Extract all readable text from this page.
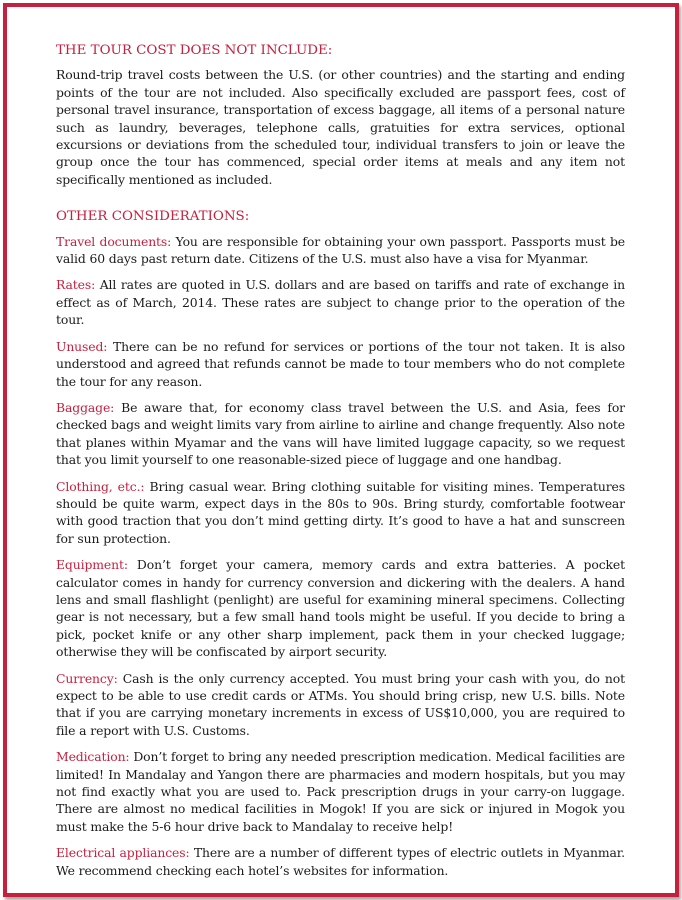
THE TOUR COST DOES NOT INCLUDE:

Round-trip travel costs between the U.S. (or other countries) and the starting and ending points of the tour are not included. Also specifically excluded are passport fees, cost of personal travel insurance, transportation of excess baggage, all items of a personal nature such as laundry, beverages, telephone calls, gratuities for extra services, optional excursions or deviations from the scheduled tour, individual transfers to join or leave the group once the tour has commenced, special order items at meals and any item not specifically mentioned as included.

OTHER CONSIDERATIONS:

Travel documents: You are responsible for obtaining your own passport. Passports must be valid 60 days past return date. Citizens of the U.S. must also have a visa for Myanmar.

Rates: All rates are quoted in U.S. dollars and are based on tariffs and rate of exchange in effect as of March, 2014. These rates are subject to change prior to the operation of the tour.

Unused: There can be no refund for services or portions of the tour not taken. It is also understood and agreed that refunds cannot be made to tour members who do not complete the tour for any reason.

Baggage: Be aware that, for economy class travel between the U.S. and Asia, fees for checked bags and weight limits vary from airline to airline and change frequently. Also note that planes within Myamar and the vans will have limited luggage capacity, so we request that you limit yourself to one reasonable-sized piece of luggage and one handbag.

Clothing, etc.: Bring casual wear. Bring clothing suitable for visiting mines. Temperatures should be quite warm, expect days in the 80s to 90s. Bring sturdy, comfortable footwear with good traction that you don’t mind getting dirty. It’s good to have a hat and sunscreen for sun protection.

Equipment: Don’t forget your camera, memory cards and extra batteries. A pocket calculator comes in handy for currency conversion and dickering with the dealers. A hand lens and small flashlight (penlight) are useful for examining mineral specimens. Collecting gear is not necessary, but a few small hand tools might be useful. If you decide to bring a pick, pocket knife or any other sharp implement, pack them in your checked luggage; otherwise they will be confiscated by airport security.

Currency: Cash is the only currency accepted. You must bring your cash with you, do not expect to be able to use credit cards or ATMs. You should bring crisp, new U.S. bills. Note that if you are carrying monetary increments in excess of US$10,000, you are required to file a report with U.S. Customs.

Medication: Don’t forget to bring any needed prescription medication. Medical facilities are limited! In Mandalay and Yangon there are pharmacies and modern hospitals, but you may not find exactly what you are used to. Pack prescription drugs in your carry-on luggage. There are almost no medical facilities in Mogok! If you are sick or injured in Mogok you must make the 5-6 hour drive back to Mandalay to receive help!

Electrical appliances: There are a number of different types of electric outlets in Myanmar. We recommend checking each hotel’s websites for information.
